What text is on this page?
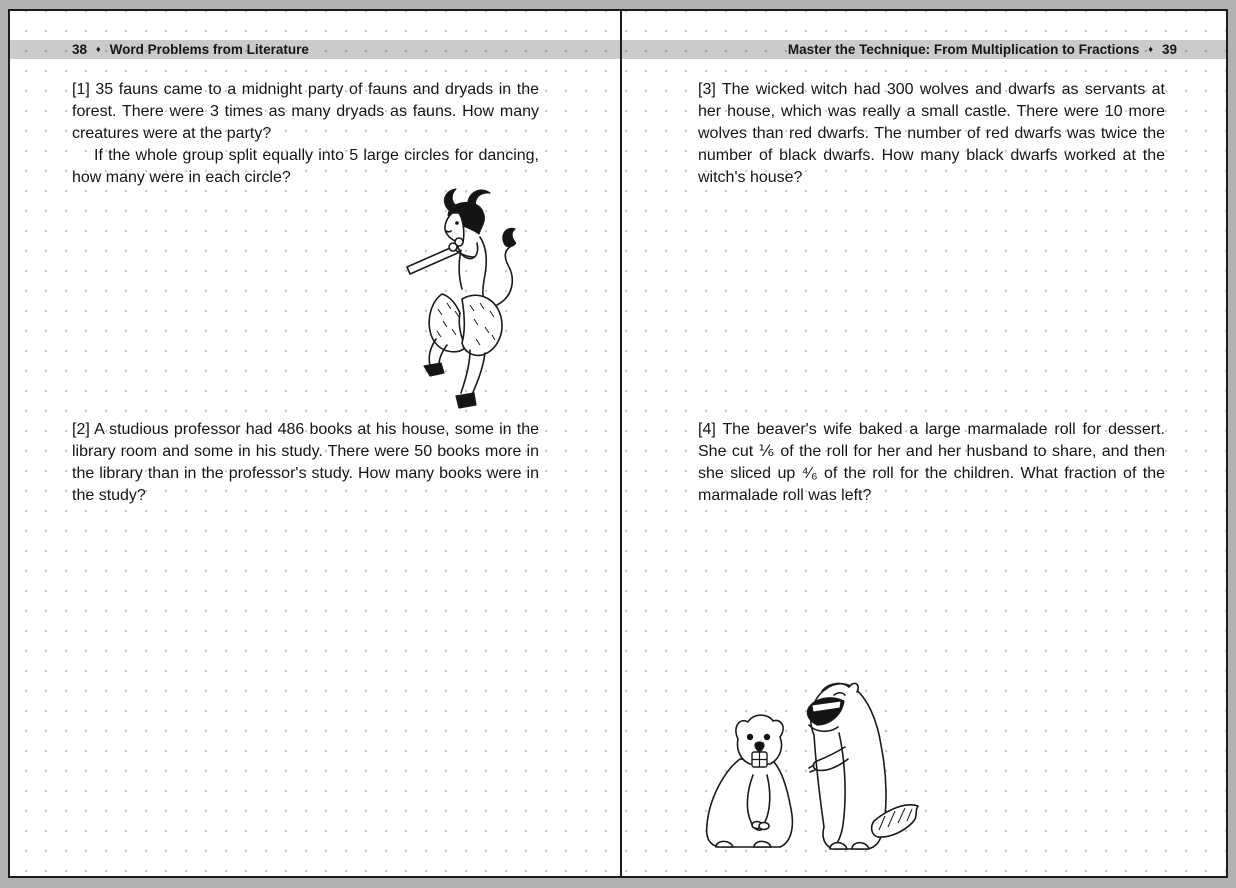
38 ♦ Word Problems from Literature	Master the Technique: From Multiplication to Fractions ♦ 39

[1] 35 fauns came to a midnight party of fauns and dryads in the forest. There were 3 times as many dryads as fauns. How many creatures were at the party?

If the whole group split equally into 5 large circles for dancing, how many were in each circle?

[2] A studious professor had 486 books at his house, some in the library room and some in his study. There were 50 books more in the library than in the professor's study. How many books were in the study?

[3] The wicked witch had 300 wolves and dwarfs as servants at her house, which was really a small castle. There were 10 more wolves than red dwarfs. The number of red dwarfs was twice the number of black dwarfs. How many black dwarfs worked at the witch's house?

[4] The beaver's wife baked a large marmalade roll for dessert. She cut ⅙ of the roll for her and her husband to share, and then she sliced up ⁴⁄₆ of the roll for the children. What fraction of the marmalade roll was left?
